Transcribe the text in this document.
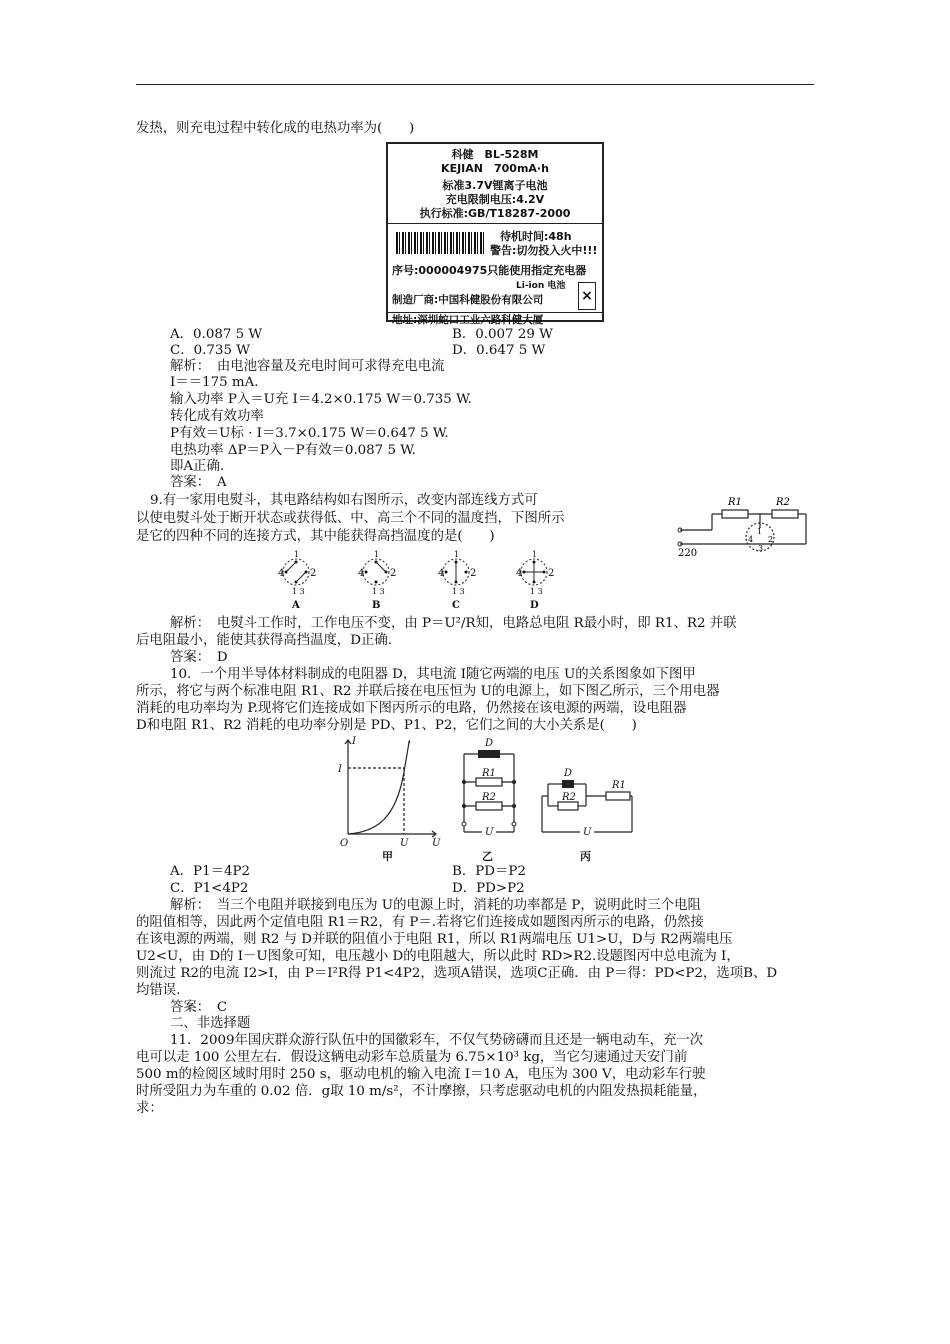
发热，则充电过程中转化成的电热功率为(　　)
科健　BL-528M
KEJIAN　700mA·h
标准3.7V锂离子电池
充电限制电压:4.2V
执行标准:GB/T18287-2000
待机时间:48h
警告:切勿投入火中!!!
序号:000004975只能使用指定充电器
Li-ion 电池
制造厂商:中国科健股份有限公司	×
地址:深圳蛇口工业六路科健大厦
A．0.087 5 W	B．0.007 29 W
C．0.735 W	D．0.647 5 W
解析：　由电池容量及充电时间可求得充电电流
I＝＝175 mA.
输入功率 P入＝U充 I＝4.2×0.175 W＝0.735 W.
转化成有效功率
P有效＝U标 · I＝3.7×0.175 W＝0.647 5 W.
电热功率 ΔP＝P入－P有效＝0.087 5 W.
即A正确.
答案：　A
9.有一家用电熨斗，其电路结构如右图所示，改变内部连线方式可
以使电熨斗处于断开状态或获得低、中、高三个不同的温度挡，下图所示
是它的四种不同的连接方式，其中能获得高挡温度的是(　　)
R1	R2
220
1
2
3
4
4	2
1
1 3
A
4	2
1
1 3
B
4	2
1
1 3
C
4	2
1
1 3
D
解析：　电熨斗工作时，工作电压不变，由 P＝U²/R知，电路总电阻 R最小时，即 R1、R2 并联
后电阻最小，能使其获得高挡温度，D正确.
答案：　D
10．一个用半导体材料制成的电阻器 D，其电流 I随它两端的电压 U的关系图象如下图甲
所示，将它与两个标准电阻 R1、R2 并联后接在电压恒为 U的电源上，如下图乙所示，三个用电器
消耗的电功率均为 P.现将它们连接成如下图丙所示的电路，仍然接在该电源的两端，设电阻器
D和电阻 R1、R2 消耗的电功率分别是 PD、P1、P2，它们之间的大小关系是(　　)
I
U
O
I
U
D
R1
R2
U
D
R2
R1
U
甲	乙	丙
A．P1＝4P2	B．PD＝P2
C．P1<4P2	D．PD>P2
解析：　当三个电阻并联接到电压为 U的电源上时，消耗的功率都是 P，说明此时三个电阻
的阻值相等，因此两个定值电阻 R1＝R2，有 P＝.若将它们连接成如题图丙所示的电路，仍然接
在该电源的两端，则 R2 与 D并联的阻值小于电阻 R1，所以 R1两端电压 U1>U，D与 R2两端电压
U2<U，由 D的 I－U图象可知，电压越小 D的电阻越大，所以此时 RD>R2.设题图丙中总电流为 I，
则流过 R2的电流 I2>I，由 P＝I²R得 P1<4P2，选项A错误，选项C正确．由 P＝得：PD<P2，选项B、D
均错误.
答案：　C
二、非选择题
11．2009年国庆群众游行队伍中的国徽彩车，不仅气势磅礴而且还是一辆电动车，充一次
电可以走 100 公里左右．假设这辆电动彩车总质量为 6.75×10³ kg，当它匀速通过天安门前
500 m的检阅区域时用时 250 s，驱动电机的输入电流 I＝10 A，电压为 300 V，电动彩车行驶
时所受阻力为车重的 0.02 倍．g取 10 m/s²，不计摩擦，只考虑驱动电机的内阻发热损耗能量，
求：
